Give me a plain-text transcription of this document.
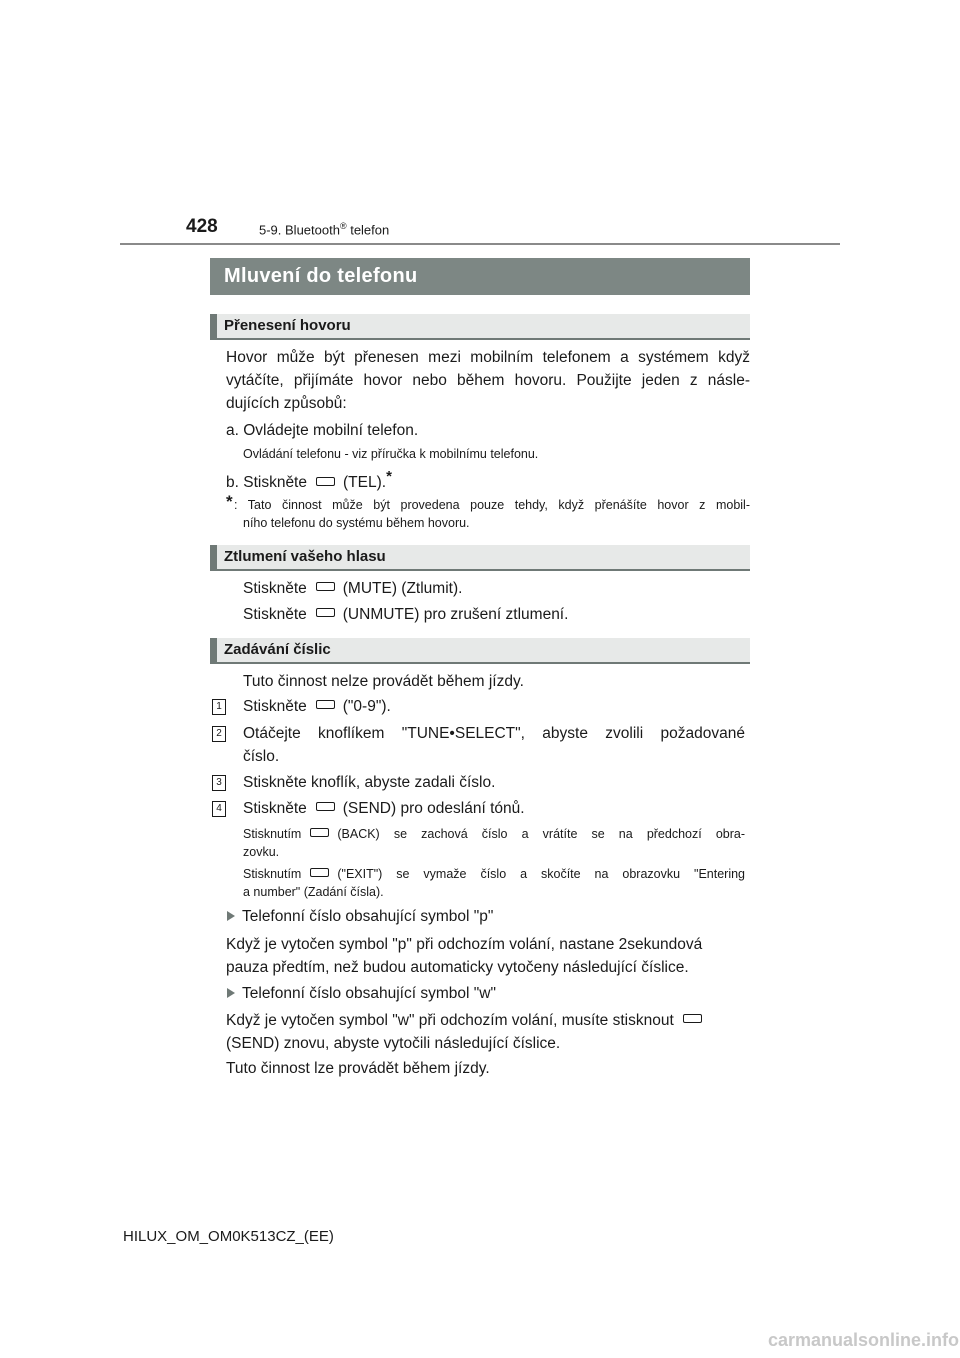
428	5-9. Bluetooth® telefon
Mluvení do telefonu
Přenesení hovoru
Hovor může být přenesen mezi mobilním telefonem a systémem když
vytáčíte, přijímáte hovor nebo během hovoru. Použijte jeden z násle-
dujících způsobů:
a. Ovládejte mobilní telefon.
Ovládání telefonu - viz příručka k mobilnímu telefonu.
b. Stiskněte (TEL).*
* : Tato činnost může být provedena pouze tehdy, když přenášíte hovor z mobil-
ního telefonu do systému během hovoru.
Ztlumení vašeho hlasu
Stiskněte (MUTE) (Ztlumit).
Stiskněte (UNMUTE) pro zrušení ztlumení.
Zadávání číslic
Tuto činnost nelze provádět během jízdy.
1 Stiskněte ("0-9").
2 Otáčejte knoflíkem "TUNE•SELECT", abyste zvolili požadované
číslo.
3 Stiskněte knoflík, abyste zadali číslo.
4 Stiskněte (SEND) pro odeslání tónů.
Stisknutím	(BACK) se zachová číslo a vrátíte se na předchozí obra-
zovku.
Stisknutím	("EXIT") se vymaže číslo a skočíte na obrazovku "Entering
a number" (Zadání čísla).
Telefonní číslo obsahující symbol "p"
Když je vytočen symbol "p" při odchozím volání, nastane 2sekundová
pauza předtím, než budou automaticky vytočeny následující číslice.
Telefonní číslo obsahující symbol "w"
Když je vytočen symbol "w" při odchozím volání, musíte stisknout
(SEND) znovu, abyste vytočili následující číslice.
Tuto činnost lze provádět během jízdy.
HILUX_OM_OM0K513CZ_(EE)
carmanualsonline.info
